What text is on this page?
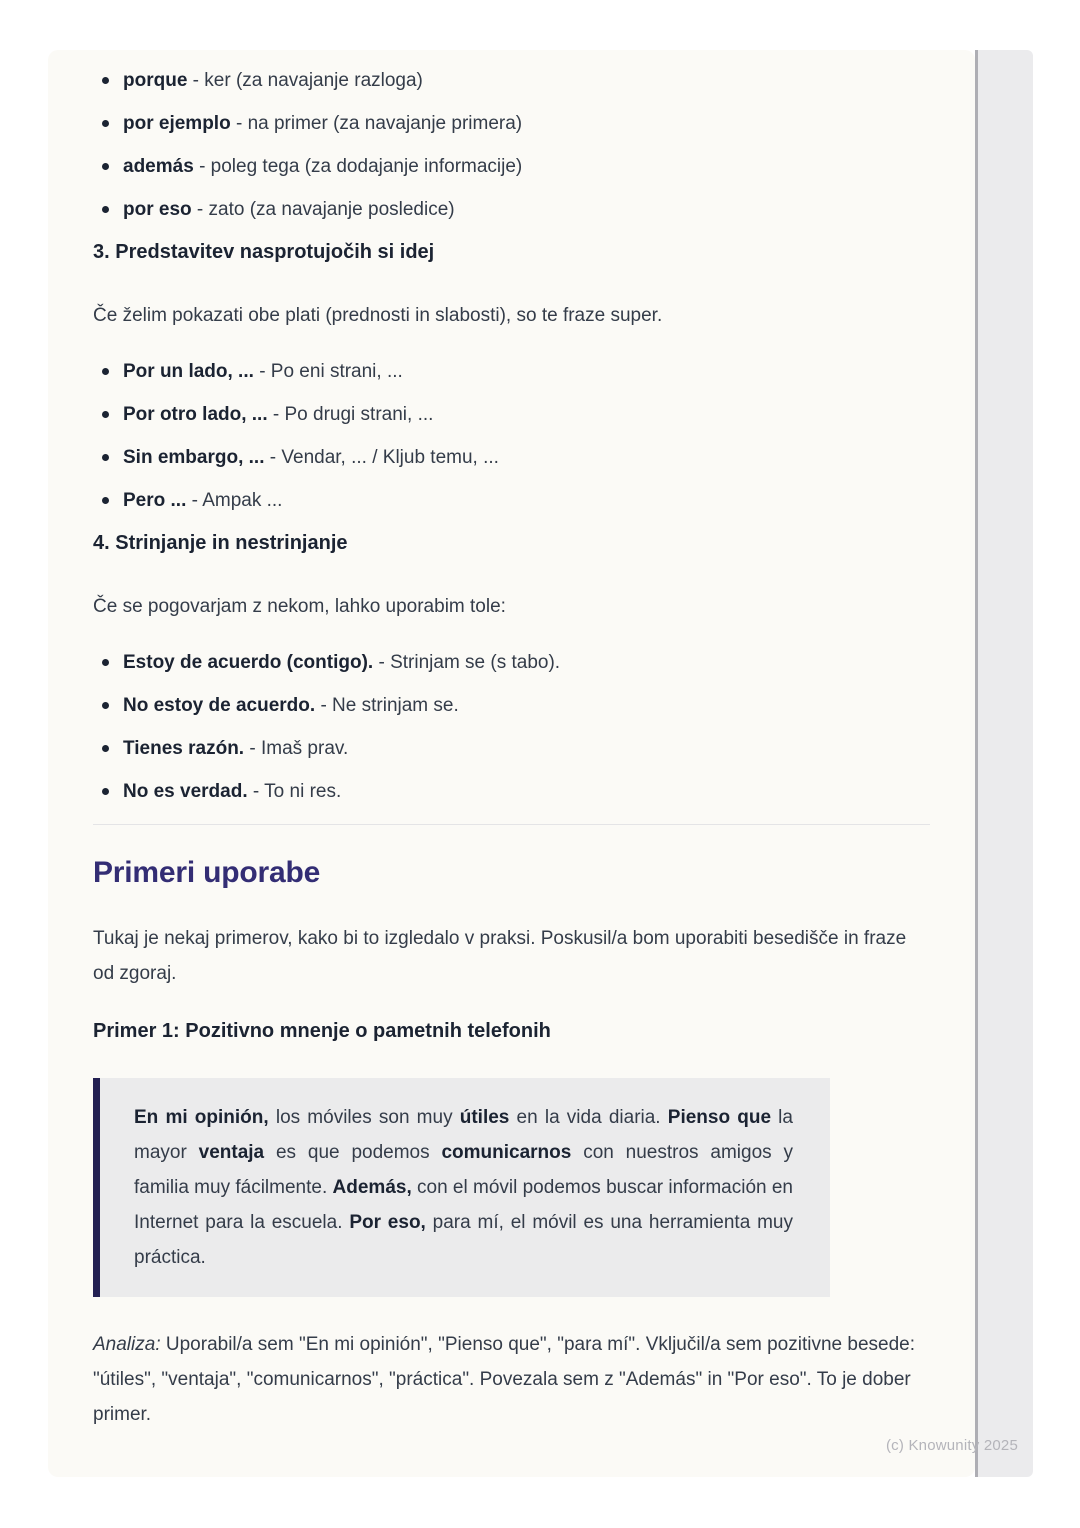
porque - ker (za navajanje razloga)
por ejemplo - na primer (za navajanje primera)
además - poleg tega (za dodajanje informacije)
por eso - zato (za navajanje posledice)
3. Predstavitev nasprotujočih si idej

Če želim pokazati obe plati (prednosti in slabosti), so te fraze super.

Por un lado, ... - Po eni strani, ...
Por otro lado, ... - Po drugi strani, ...
Sin embargo, ... - Vendar, ... / Kljub temu, ...
Pero ... - Ampak ...
4. Strinjanje in nestrinjanje

Če se pogovarjam z nekom, lahko uporabim tole:

Estoy de acuerdo (contigo). - Strinjam se (s tabo).
No estoy de acuerdo. - Ne strinjam se.
Tienes razón. - Imaš prav.
No es verdad. - To ni res.
Primeri uporabe

Tukaj je nekaj primerov, kako bi to izgledalo v praksi. Poskusil/a bom uporabiti besedišče in fraze od zgoraj.

Primer 1: Pozitivno mnenje o pametnih telefonih

En mi opinión, los móviles son muy útiles en la vida diaria. Pienso que la mayor ventaja es que podemos comunicarnos con nuestros amigos y familia muy fácilmente. Además, con el móvil podemos buscar información en Internet para la escuela. Por eso, para mí, el móvil es una herramienta muy práctica.

Analiza: Uporabil/a sem "En mi opinión", "Pienso que", "para mí". Vključil/a sem pozitivne besede: "útiles", "ventaja", "comunicarnos", "práctica". Povezala sem z "Además" in "Por eso". To je dober primer.

(c) Knowunity 2025
